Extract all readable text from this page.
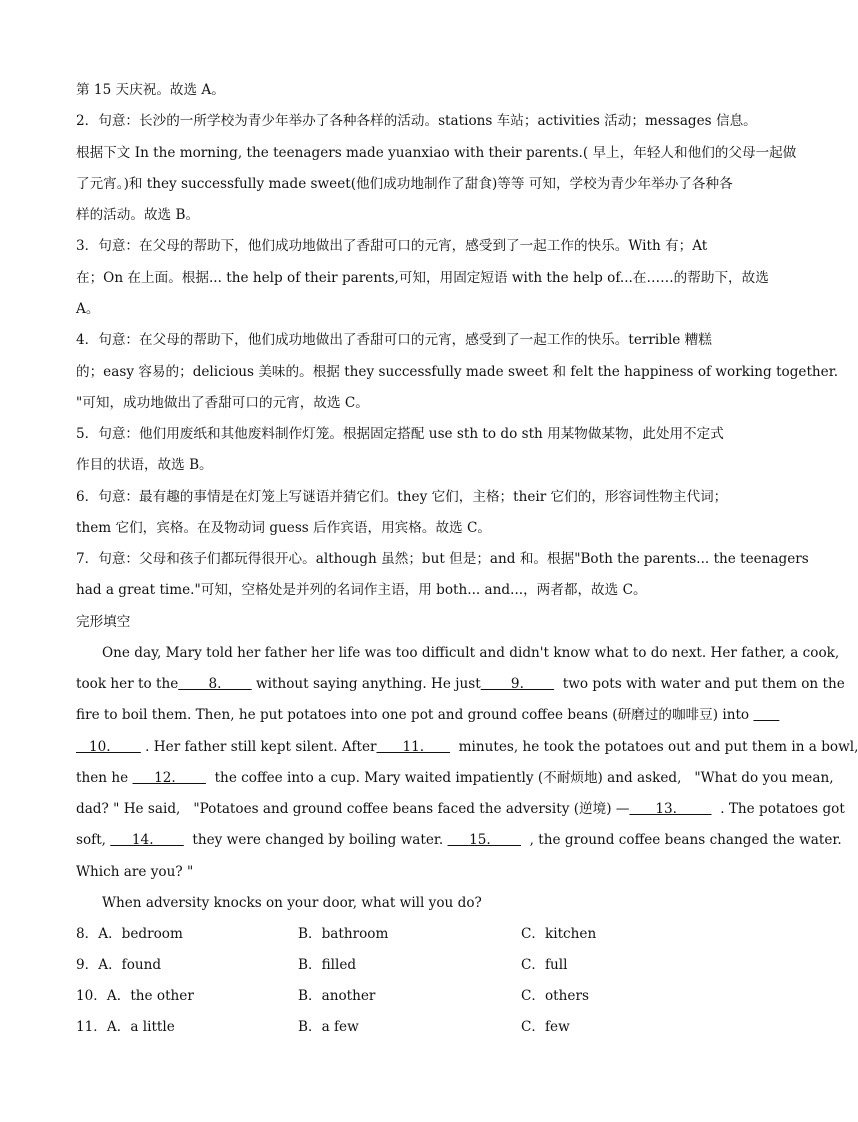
第 15 天庆祝。故选 A。
2．句意：长沙的一所学校为青少年举办了各种各样的活动。stations 车站；activities 活动；messages 信息。
根据下文 In the morning, the teenagers made yuanxiao with their parents.( 早上，年轻人和他们的父母一起做
了元宵。)和 they successfully made sweet(他们成功地制作了甜食)等等 可知，学校为青少年举办了各种各
样的活动。故选 B。
3．句意：在父母的帮助下，他们成功地做出了香甜可口的元宵，感受到了一起工作的快乐。With 有；At
在；On 在上面。根据... the help of their parents,可知，用固定短语 with the help of...在……的帮助下，故选
A。
4．句意：在父母的帮助下，他们成功地做出了香甜可口的元宵，感受到了一起工作的快乐。terrible 糟糕
的；easy 容易的；delicious 美味的。根据 they successfully made sweet 和 felt the happiness of working together.
"可知，成功地做出了香甜可口的元宵，故选 C。
5．句意：他们用废纸和其他废料制作灯笼。根据固定搭配 use sth to do sth 用某物做某物，此处用不定式
作目的状语，故选 B。
6．句意：最有趣的事情是在灯笼上写谜语并猜它们。they 它们，主格；their 它们的，形容词性物主代词；
them 它们，宾格。在及物动词 guess 后作宾语，用宾格。故选 C。
7．句意：父母和孩子们都玩得很开心。although 虽然；but 但是；and 和。根据"Both the parents... the teenagers
had a great time."可知，空格处是并列的名词作主语，用 both... and...，两者都，故选 C。
完形填空
One day, Mary told her father her life was too difficult and didn't know what to do next. Her father, a cook,
took her to the       8.        without saying anything. He just       9.         two pots with water and put them on the
fire to boil them. Then, he put potatoes into one pot and ground coffee beans (研磨过的咖啡豆) into
10.        . Her father still kept silent. After      11.        minutes, he took the potatoes out and put them in a bowl,
then he      12.         the coffee into a cup. Mary waited impatiently (不耐烦地) and asked,   "What do you mean,
dad? " He said,   "Potatoes and ground coffee beans faced the adversity (逆境) —      13.          . The potatoes got
soft,      14.         they were changed by boiling water.      15.         , the ground coffee beans changed the water.
Which are you? "
When adversity knocks on your door, what will you do?
8．A．bedroom	B．bathroom	C．kitchen
9．A．found	B．filled	C．full
10．A．the other	B．another	C．others
11．A．a little	B．a few	C．few
